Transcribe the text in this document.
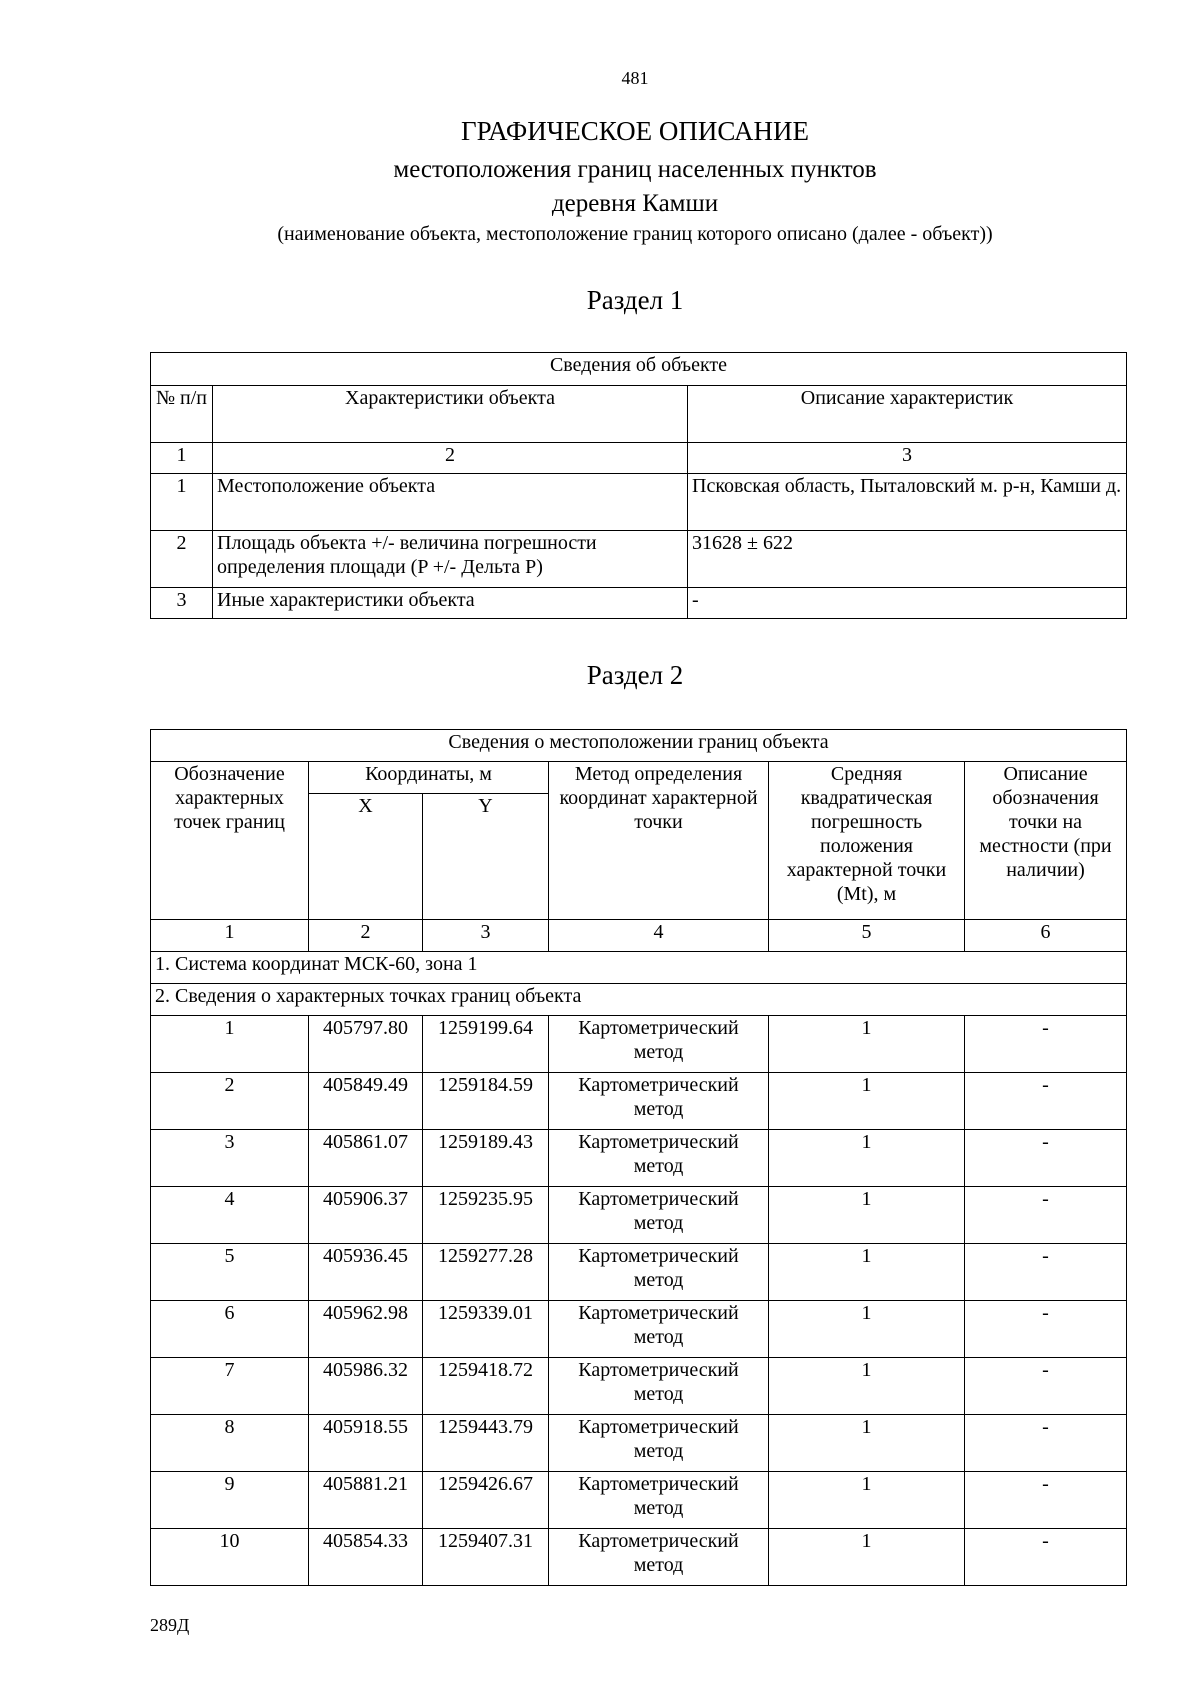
481
ГРАФИЧЕСКОЕ ОПИСАНИЕ
местоположения границ населенных пунктов
деревня Камши
(наименование объекта, местоположение границ которого описано (далее - объект))
Раздел 1
Сведения об объекте		
№ п/п	Характеристики объекта	Описание характеристик
1	2	3
1	Местоположение объекта	Псковская область, Пыталовский м. р-н, Камши д.
2	Площадь объекта +/- величина погрешности определения площади (P +/- Дельта P)	31628 ± 622
3	Иные характеристики объекта	-
Раздел 2
Сведения о местоположении границ объекта					
Обозначение характерных точек границ	Координаты, м		Метод определения координат характерной точки	Средняя квадратическая погрешность положения характерной точки (Mt), м	Описание обозначения точки на местности (при наличии)
	X	Y			
1	2	3	4	5	6
1. Система координат МСК-60, зона 1					
2. Сведения о характерных точках границ объекта					
1	405797.80	1259199.64	Картометрический метод	1	-
2	405849.49	1259184.59	Картометрический метод	1	-
3	405861.07	1259189.43	Картометрический метод	1	-
4	405906.37	1259235.95	Картометрический метод	1	-
5	405936.45	1259277.28	Картометрический метод	1	-
6	405962.98	1259339.01	Картометрический метод	1	-
7	405986.32	1259418.72	Картометрический метод	1	-
8	405918.55	1259443.79	Картометрический метод	1	-
9	405881.21	1259426.67	Картометрический метод	1	-
10	405854.33	1259407.31	Картометрический метод	1	-
289Д
